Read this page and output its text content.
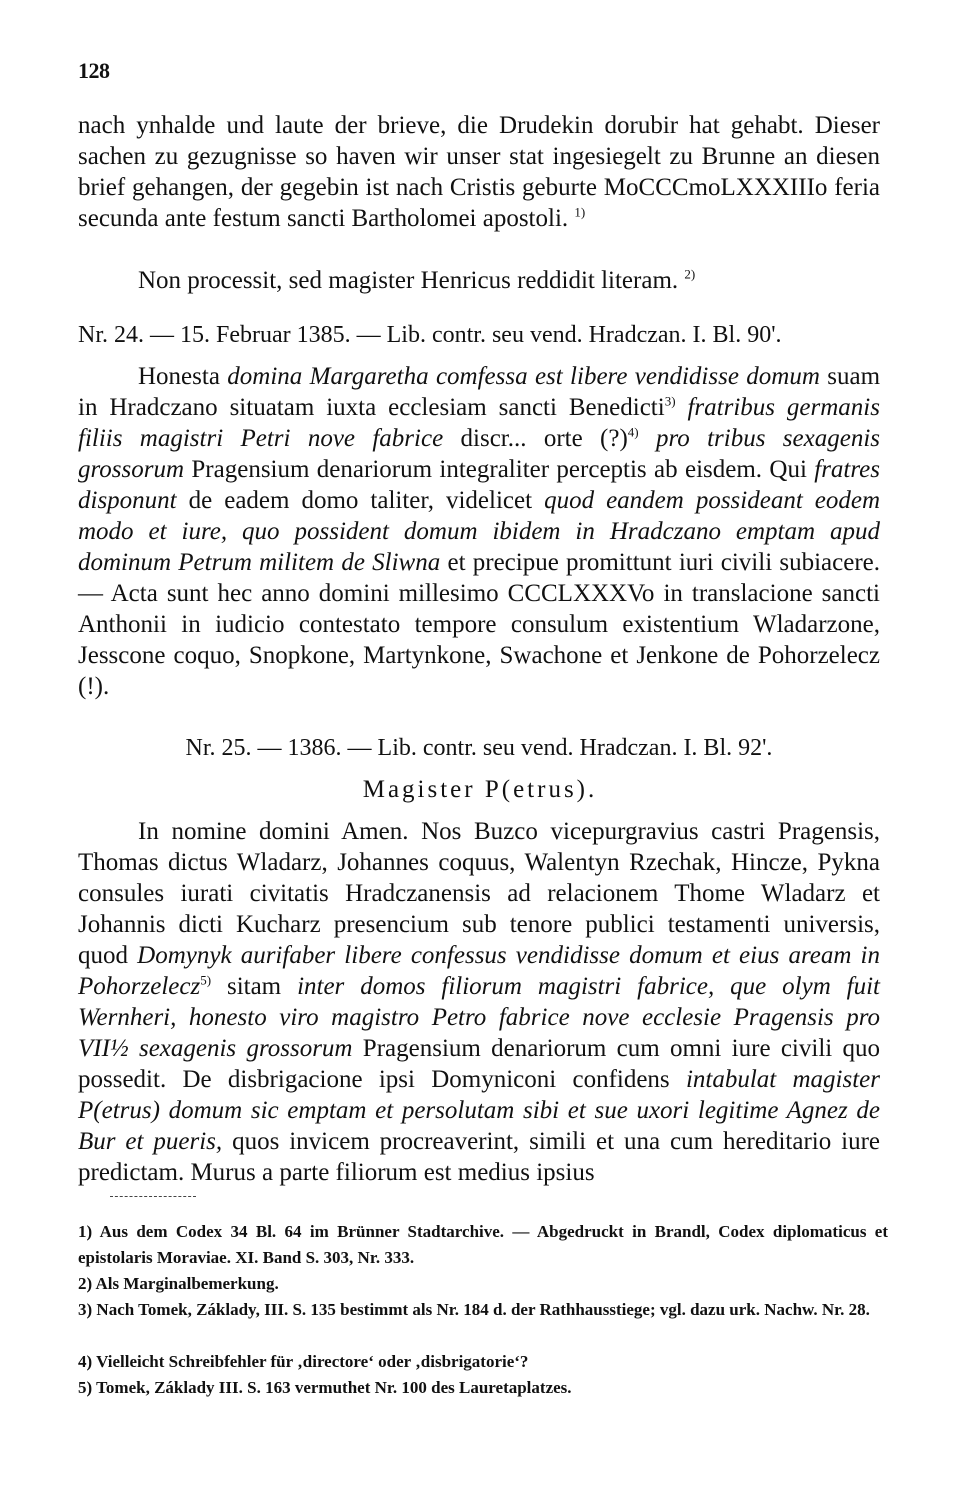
128

nach ynhalde und laute der brieve, die Drudekin dorubir hat gehabt. Dieser sachen zu gezugnisse so haven wir unser stat ingesiegelt zu Brunne an diesen brief gehangen, der gegebin ist nach Cristis geburte MoCCCmoLXXXIIIo feria secunda ante festum sancti Bartholomei apostoli. $^{1)}$

Non processit, sed magister Henricus reddidit literam. $^{2)}$

Nr. 24. — 15. Februar 1385. — Lib. contr. seu vend. Hradczan. I. Bl. 90'.

Honesta domina Margaretha comfessa est libere vendidisse domum suam in Hradczano situatam iuxta ecclesiam sancti Benedicti$^{3)}$ fratribus germanis filiis magistri Petri nove fabrice discr... orte (?)$^{4)}$ pro tribus sexagenis grossorum Pragensium denariorum integraliter perceptis ab eisdem. Qui fratres disponunt de eadem domo taliter, videlicet quod eandem possideant eodem modo et iure, quo possident domum ibidem in Hradczano emptam apud dominum Petrum militem de Sliwna et precipue promittunt iuri civili subiacere. — Acta sunt hec anno domini millesimo CCCLXXXVo in translacione sancti Anthonii in iudicio contestato tempore consulum existentium Wladarzone, Jesscone coquo, Snopkone, Martynkone, Swachone et Jenkone de Pohorzelecz (!).

Nr. 25. — 1386. — Lib. contr. seu vend. Hradczan. I. Bl. 92'.
Magister P(etrus).

In nomine domini Amen. Nos Buzco vicepurgravius castri Pragensis, Thomas dictus Wladarz, Johannes coquus, Walentyn Rzechak, Hincze, Pykna consules iurati civitatis Hradczanensis ad relacionem Thome Wladarz et Johannis dicti Kucharz presencium sub tenore publici testamenti universis, quod Domynyk aurifaber libere confessus vendidisse domum et eius aream in Pohorzelecz$^{5)}$ sitam inter domos filiorum magistri fabrice, que olym fuit Wernheri, honesto viro magistro Petro fabrice nove ecclesie Pragensis pro VII½ sexagenis grossorum Pragensium denariorum cum omni iure civili quo possedit. De disbrigacione ipsi Domyniconi confidens intabulat magister P(etrus) domum sic emptam et persolutam sibi et sue uxori legitime Agnez de Bur et pueris, quos invicem procreaverint, simili et una cum hereditario iure predictam. Murus a parte filiorum est medius ipsius

1) Aus dem Codex 34 Bl. 64 im Brünner Stadtarchive. — Abgedruckt in Brandl, Codex diplomaticus et epistolaris Moraviae. XI. Band S. 303, Nr. 333.
2) Als Marginalbemerkung.
3) Nach Tomek, Základy, III. S. 135 bestimmt als Nr. 184 d. der Rathhausstiege; vgl. dazu urk. Nachw. Nr. 28.
4) Vielleicht Schreibfehler für ‚directore‘ oder ‚disbrigatorie‘?
5) Tomek, Základy III. S. 163 vermuthet Nr. 100 des Lauretaplatzes.
